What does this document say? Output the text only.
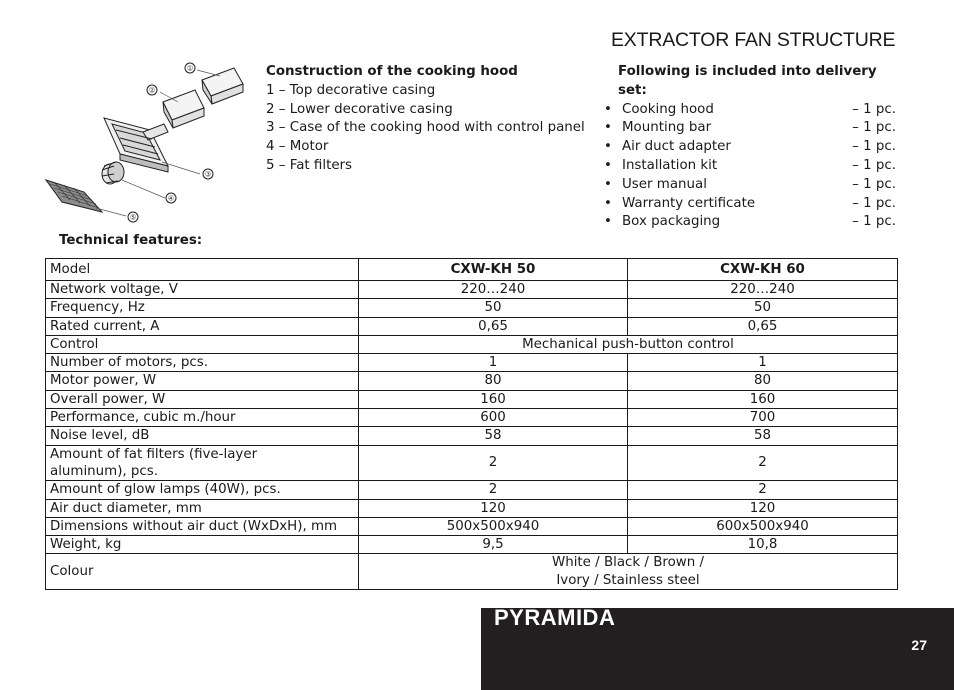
EXTRACTOR FAN STRUCTURE
①
②
③
④
⑤
Construction of the cooking hood
1 – Top decorative casing
2 – Lower decorative casing
3 – Case of the cooking hood with control panel
4 – Motor
5 – Fat filters
Following is included into delivery set:
• Cooking hood	– 1 pc.
• Mounting bar	– 1 pc.
• Air duct adapter	– 1 pc.
• Installation kit	– 1 pc.
• User manual	– 1 pc.
• Warranty certificate	– 1 pc.
• Box packaging	– 1 pc.
Technical features:
Model	CXW-KH 50	CXW-KH 60
Network voltage, V	220…240	220…240
Frequency, Hz	50	50
Rated current, A	0,65	0,65
Control	Mechanical push-button control	
Number of motors, pcs.	1	1
Motor power, W	80	80
Overall power, W	160	160
Performance, cubic m./hour	600	700
Noise level, dB	58	58
Amount of fat filters (five-layer aluminum), pcs.	2	2
Amount of glow lamps (40W), pcs.	2	2
Air duct diameter, mm	120	120
Dimensions without air duct (WxDxH), mm	500x500x940	600x500x940
Weight, kg	9,5	10,8
Colour	White / Black / Brown /
Ivory / Stainless steel	
PYRAMIDA
27
